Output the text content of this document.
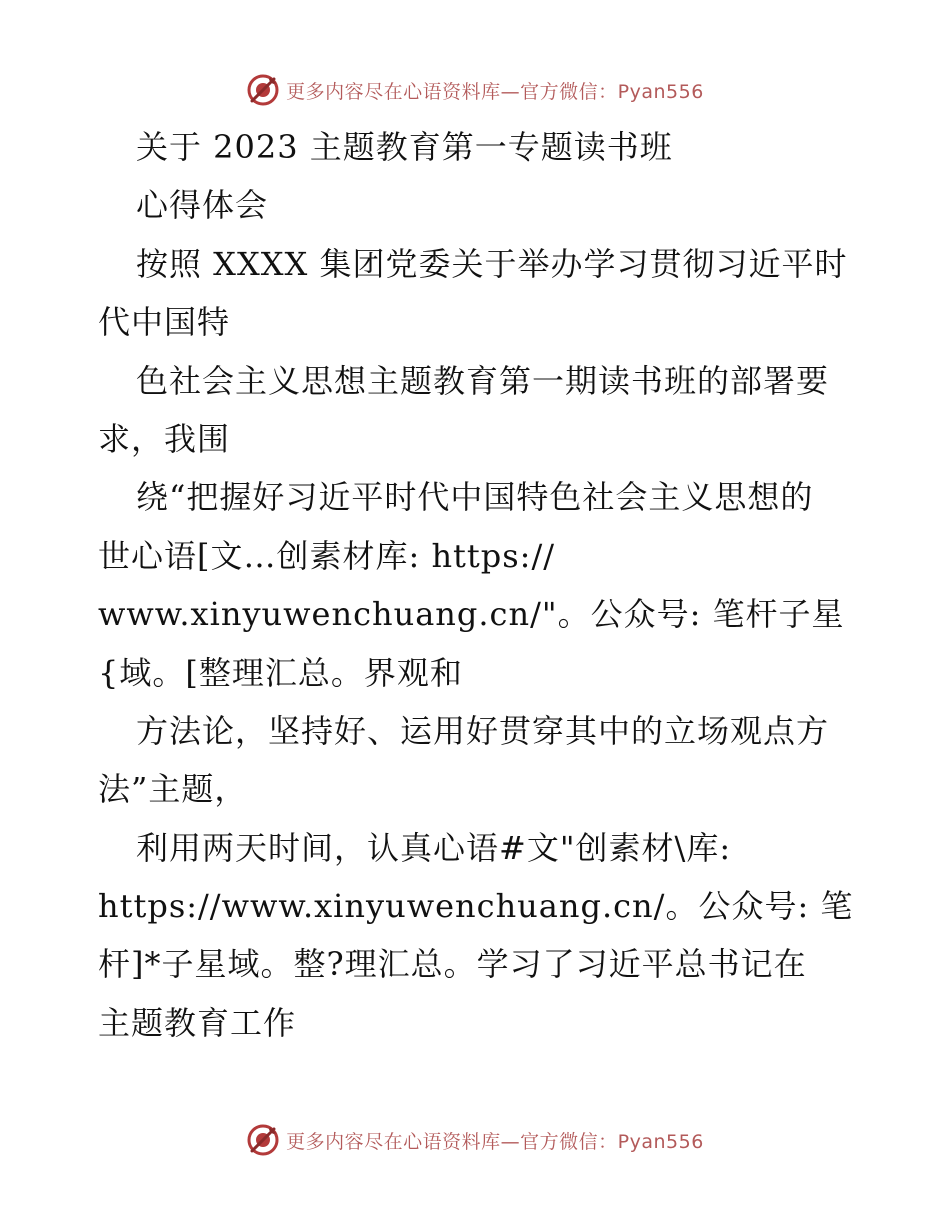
更多内容尽在心语资料库—官方微信：Pyan556
关于 2023 主题教育第一专题读书班
心得体会
按照 XXXX 集团党委关于举办学习贯彻习近平时
代中国特
色社会主义思想主题教育第一期读书班的部署要
求，我围
绕“把握好习近平时代中国特色社会主义思想的
世心语[文…创素材库: https://
www.xinyuwenchuang.cn/"。公众号: 笔杆子星
{域。[整理汇总。界观和
方法论，坚持好、运用好贯穿其中的立场观点方
法”主题，
利用两天时间，认真心语#文"创素材\库:
https://www.xinyuwenchuang.cn/。公众号: 笔
杆]*子星域。整?理汇总。学习了习近平总书记在
主题教育工作
更多内容尽在心语资料库—官方微信：Pyan556
